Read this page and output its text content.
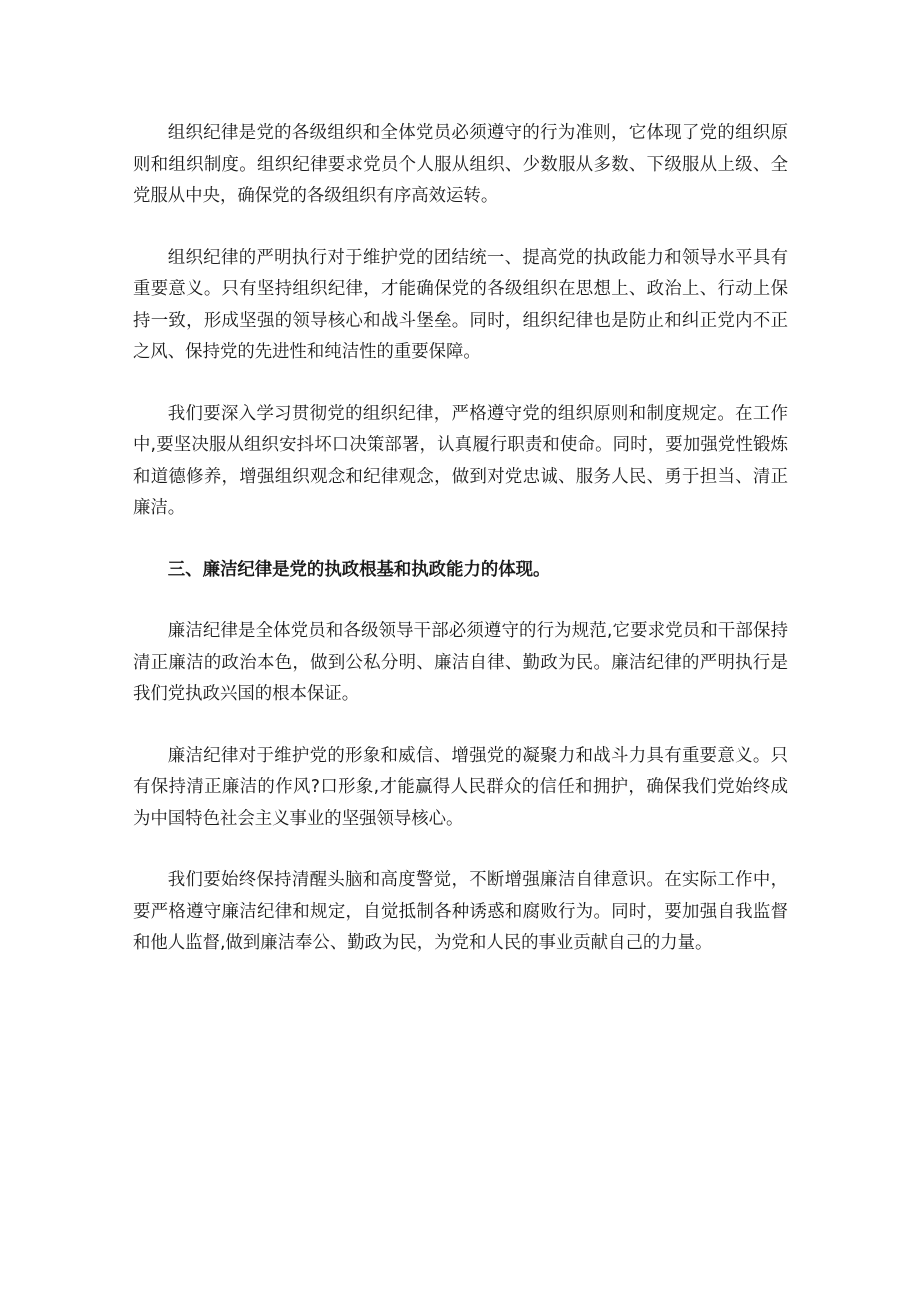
组织纪律是党的各级组织和全体党员必须遵守的行为准则，它体现了党的组织原则和组织制度。组织纪律要求党员个人服从组织、少数服从多数、下级服从上级、全党服从中央，确保党的各级组织有序高效运转。

组织纪律的严明执行对于维护党的团结统一、提高党的执政能力和领导水平具有重要意义。只有坚持组织纪律，才能确保党的各级组织在思想上、政治上、行动上保持一致，形成坚强的领导核心和战斗堡垒。同时，组织纪律也是防止和纠正党内不正之风、保持党的先进性和纯洁性的重要保障。

我们要深入学习贯彻党的组织纪律，严格遵守党的组织原则和制度规定。在工作中,要坚决服从组织安抖坏口决策部署，认真履行职责和使命。同时，要加强党性锻炼和道德修养，增强组织观念和纪律观念，做到对党忠诚、服务人民、勇于担当、清正廉洁。

三、廉洁纪律是党的执政根基和执政能力的体现。

廉洁纪律是全体党员和各级领导干部必须遵守的行为规范,它要求党员和干部保持清正廉洁的政治本色，做到公私分明、廉洁自律、勤政为民。廉洁纪律的严明执行是我们党执政兴国的根本保证。

廉洁纪律对于维护党的形象和威信、增强党的凝聚力和战斗力具有重要意义。只有保持清正廉洁的作风?口形象,才能赢得人民群众的信任和拥护，确保我们党始终成为中国特色社会主义事业的坚强领导核心。

我们要始终保持清醒头脑和高度警觉，不断增强廉洁自律意识。在实际工作中，要严格遵守廉洁纪律和规定，自觉抵制各种诱惑和腐败行为。同时，要加强自我监督和他人监督,做到廉洁奉公、勤政为民，为党和人民的事业贡献自己的力量。
